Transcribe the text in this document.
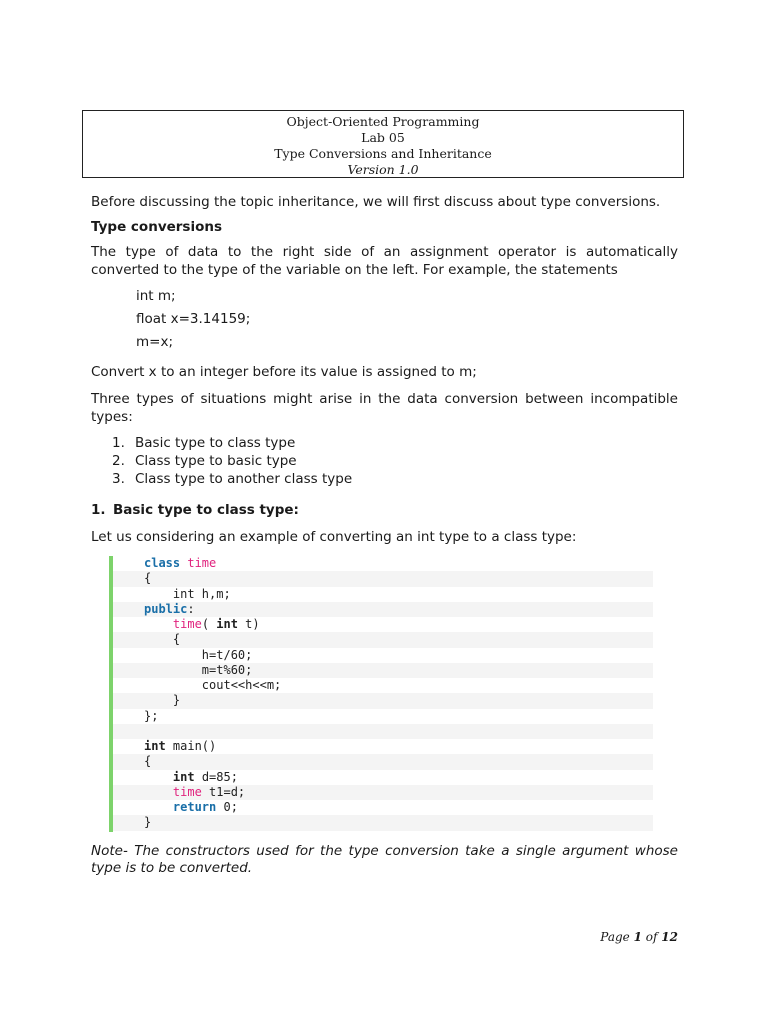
Object-Oriented Programming
Lab 05
Type Conversions and Inheritance
Version 1.0
Before discussing the topic inheritance, we will first discuss about type conversions.
Type conversions
The type of data to the right side of an assignment operator is automatically converted to the type of the variable on the left. For example, the statements
int m;
float x=3.14159;
m=x;
Convert x to an integer before its value is assigned to m;
Three types of situations might arise in the data conversion between incompatible types:
1. Basic type to class type
2. Class type to basic type
3. Class type to another class type
1. Basic type to class type:
Let us considering an example of converting an int type to a class type:
class time
{
int h,m;
public:
time( int t)
{
h=t/60;
m=t%60;
cout<<h<<m;
}
};
int main()
{
int d=85;
time t1=d;
return 0;
}
Note- The constructors used for the type conversion take a single argument whose type is to be converted.
Page 1 of 12
